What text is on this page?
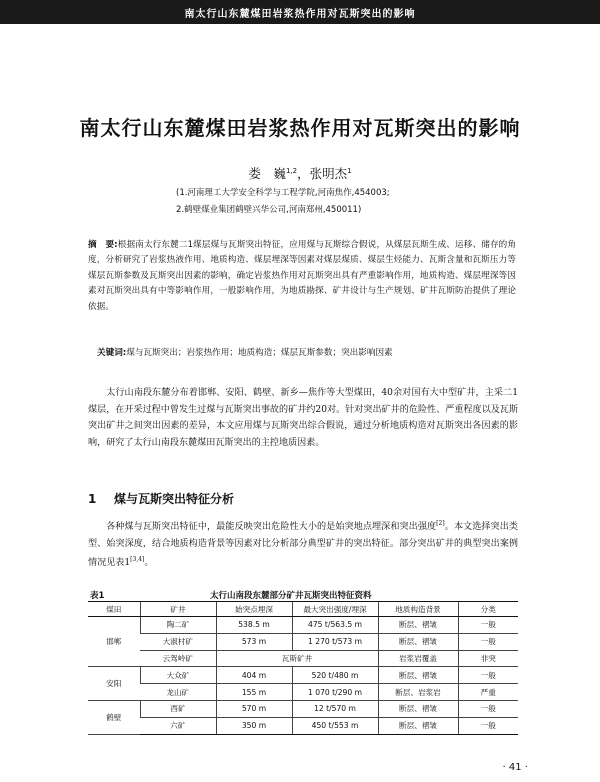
南太行山东麓煤田岩浆热作用对瓦斯突出的影响
南太行山东麓煤田岩浆热作用对瓦斯突出的影响
娄　巍$^{1,2}$，张明杰$^1$
(1.河南理工大学安全科学与工程学院,河南焦作,454003;
2.鹤壁煤业集团鹤壁兴华公司,河南郑州,450011)
摘　要:根据南太行东麓二1煤层煤与瓦斯突出特征，应用煤与瓦斯综合假说，从煤层瓦斯生成、运移、储存的角度，分析研究了岩浆热液作用、地质构造、煤层埋深等因素对煤层煤质、煤层生烃能力、瓦斯含量和瓦斯压力等煤层瓦斯参数及瓦斯突出因素的影响，确定岩浆热作用对瓦斯突出具有严重影响作用，地质构造、煤层埋深等因素对瓦斯突出具有中等影响作用，一般影响作用，为地质勘探、矿井设计与生产规划、矿井瓦斯防治提供了理论依据。
关键词:煤与瓦斯突出；岩浆热作用；地质构造；煤层瓦斯参数；突出影响因素
太行山南段东麓分布着邯郸、安阳、鹤壁、新乡—焦作等大型煤田，40余对国有大中型矿井，主采二1煤层，在开采过程中曾发生过煤与瓦斯突出事故的矿井约20对。针对突出矿井的危险性、严重程度以及瓦斯突出矿井之间突出因素的差异，本文应用煤与瓦斯突出综合假说，通过分析地质构造对瓦斯突出各因素的影响，研究了太行山南段东麓煤田瓦斯突出的主控地质因素。
1 煤与瓦斯突出特征分析
各种煤与瓦斯突出特征中，最能反映突出危险性大小的是始突地点埋深和突出强度[2]。本文选择突出类型、始突深度，结合地质构造背景等因素对比分析部分典型矿井的突出特征。部分突出矿井的典型突出案例情况见表1[3,4]。
表1	太行山南段东麓部分矿井瓦斯突出特征资料
煤田	矿井	始突点埋深	最大突出强度/埋深	地质构造背景	分类
邯郸	陶二矿	538.5 m	475 t/563.5 m	断层、褶皱	一般
	大淑村矿	573 m	1 270 t/573 m	断层、褶皱	一般
	云驾岭矿	瓦斯矿井		岩浆岩覆盖	非突
安阳	大众矿	404 m	520 t/480 m	断层、褶皱	一般
	龙山矿	155 m	1 070 t/290 m	断层、岩浆岩	严重
鹤壁	西矿	570 m	12 t/570 m	断层、褶皱	一般
	六矿	350 m	450 t/553 m	断层、褶皱	一般
· 41 ·
